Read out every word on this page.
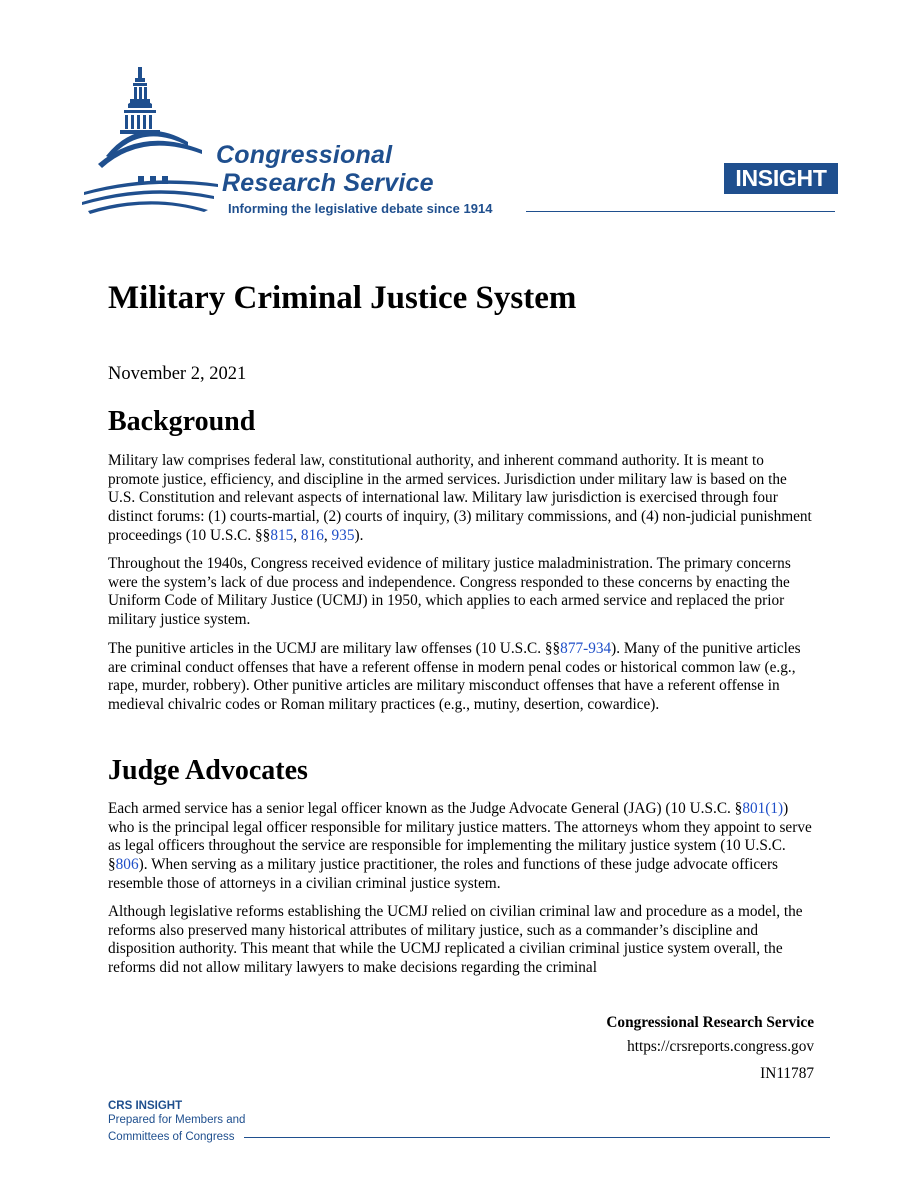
Congressional
Research Service
Informing the legislative debate since 1914
INSIGHT
Military Criminal Justice System
November 2, 2021
Background

Military law comprises federal law, constitutional authority, and inherent command authority. It is meant to promote justice, efficiency, and discipline in the armed services. Jurisdiction under military law is based on the U.S. Constitution and relevant aspects of international law. Military law jurisdiction is exercised through four distinct forums: (1) courts-martial, (2) courts of inquiry, (3) military commissions, and (4) non-judicial punishment proceedings (10 U.S.C. §§815, 816, 935).

Throughout the 1940s, Congress received evidence of military justice maladministration. The primary concerns were the system’s lack of due process and independence. Congress responded to these concerns by enacting the Uniform Code of Military Justice (UCMJ) in 1950, which applies to each armed service and replaced the prior military justice system.

The punitive articles in the UCMJ are military law offenses (10 U.S.C. §§877-934). Many of the punitive articles are criminal conduct offenses that have a referent offense in modern penal codes or historical common law (e.g., rape, murder, robbery). Other punitive articles are military misconduct offenses that have a referent offense in medieval chivalric codes or Roman military practices (e.g., mutiny, desertion, cowardice).

Judge Advocates

Each armed service has a senior legal officer known as the Judge Advocate General (JAG) (10 U.S.C. §801(1)) who is the principal legal officer responsible for military justice matters. The attorneys whom they appoint to serve as legal officers throughout the service are responsible for implementing the military justice system (10 U.S.C. §806). When serving as a military justice practitioner, the roles and functions of these judge advocate officers resemble those of attorneys in a civilian criminal justice system.

Although legislative reforms establishing the UCMJ relied on civilian criminal law and procedure as a model, the reforms also preserved many historical attributes of military justice, such as a commander’s discipline and disposition authority. This meant that while the UCMJ replicated a civilian criminal justice system overall, the reforms did not allow military lawyers to make decisions regarding the criminal

Congressional Research Service
https://crsreports.congress.gov
IN11787
CRS INSIGHT
Prepared for Members and
Committees of Congress
